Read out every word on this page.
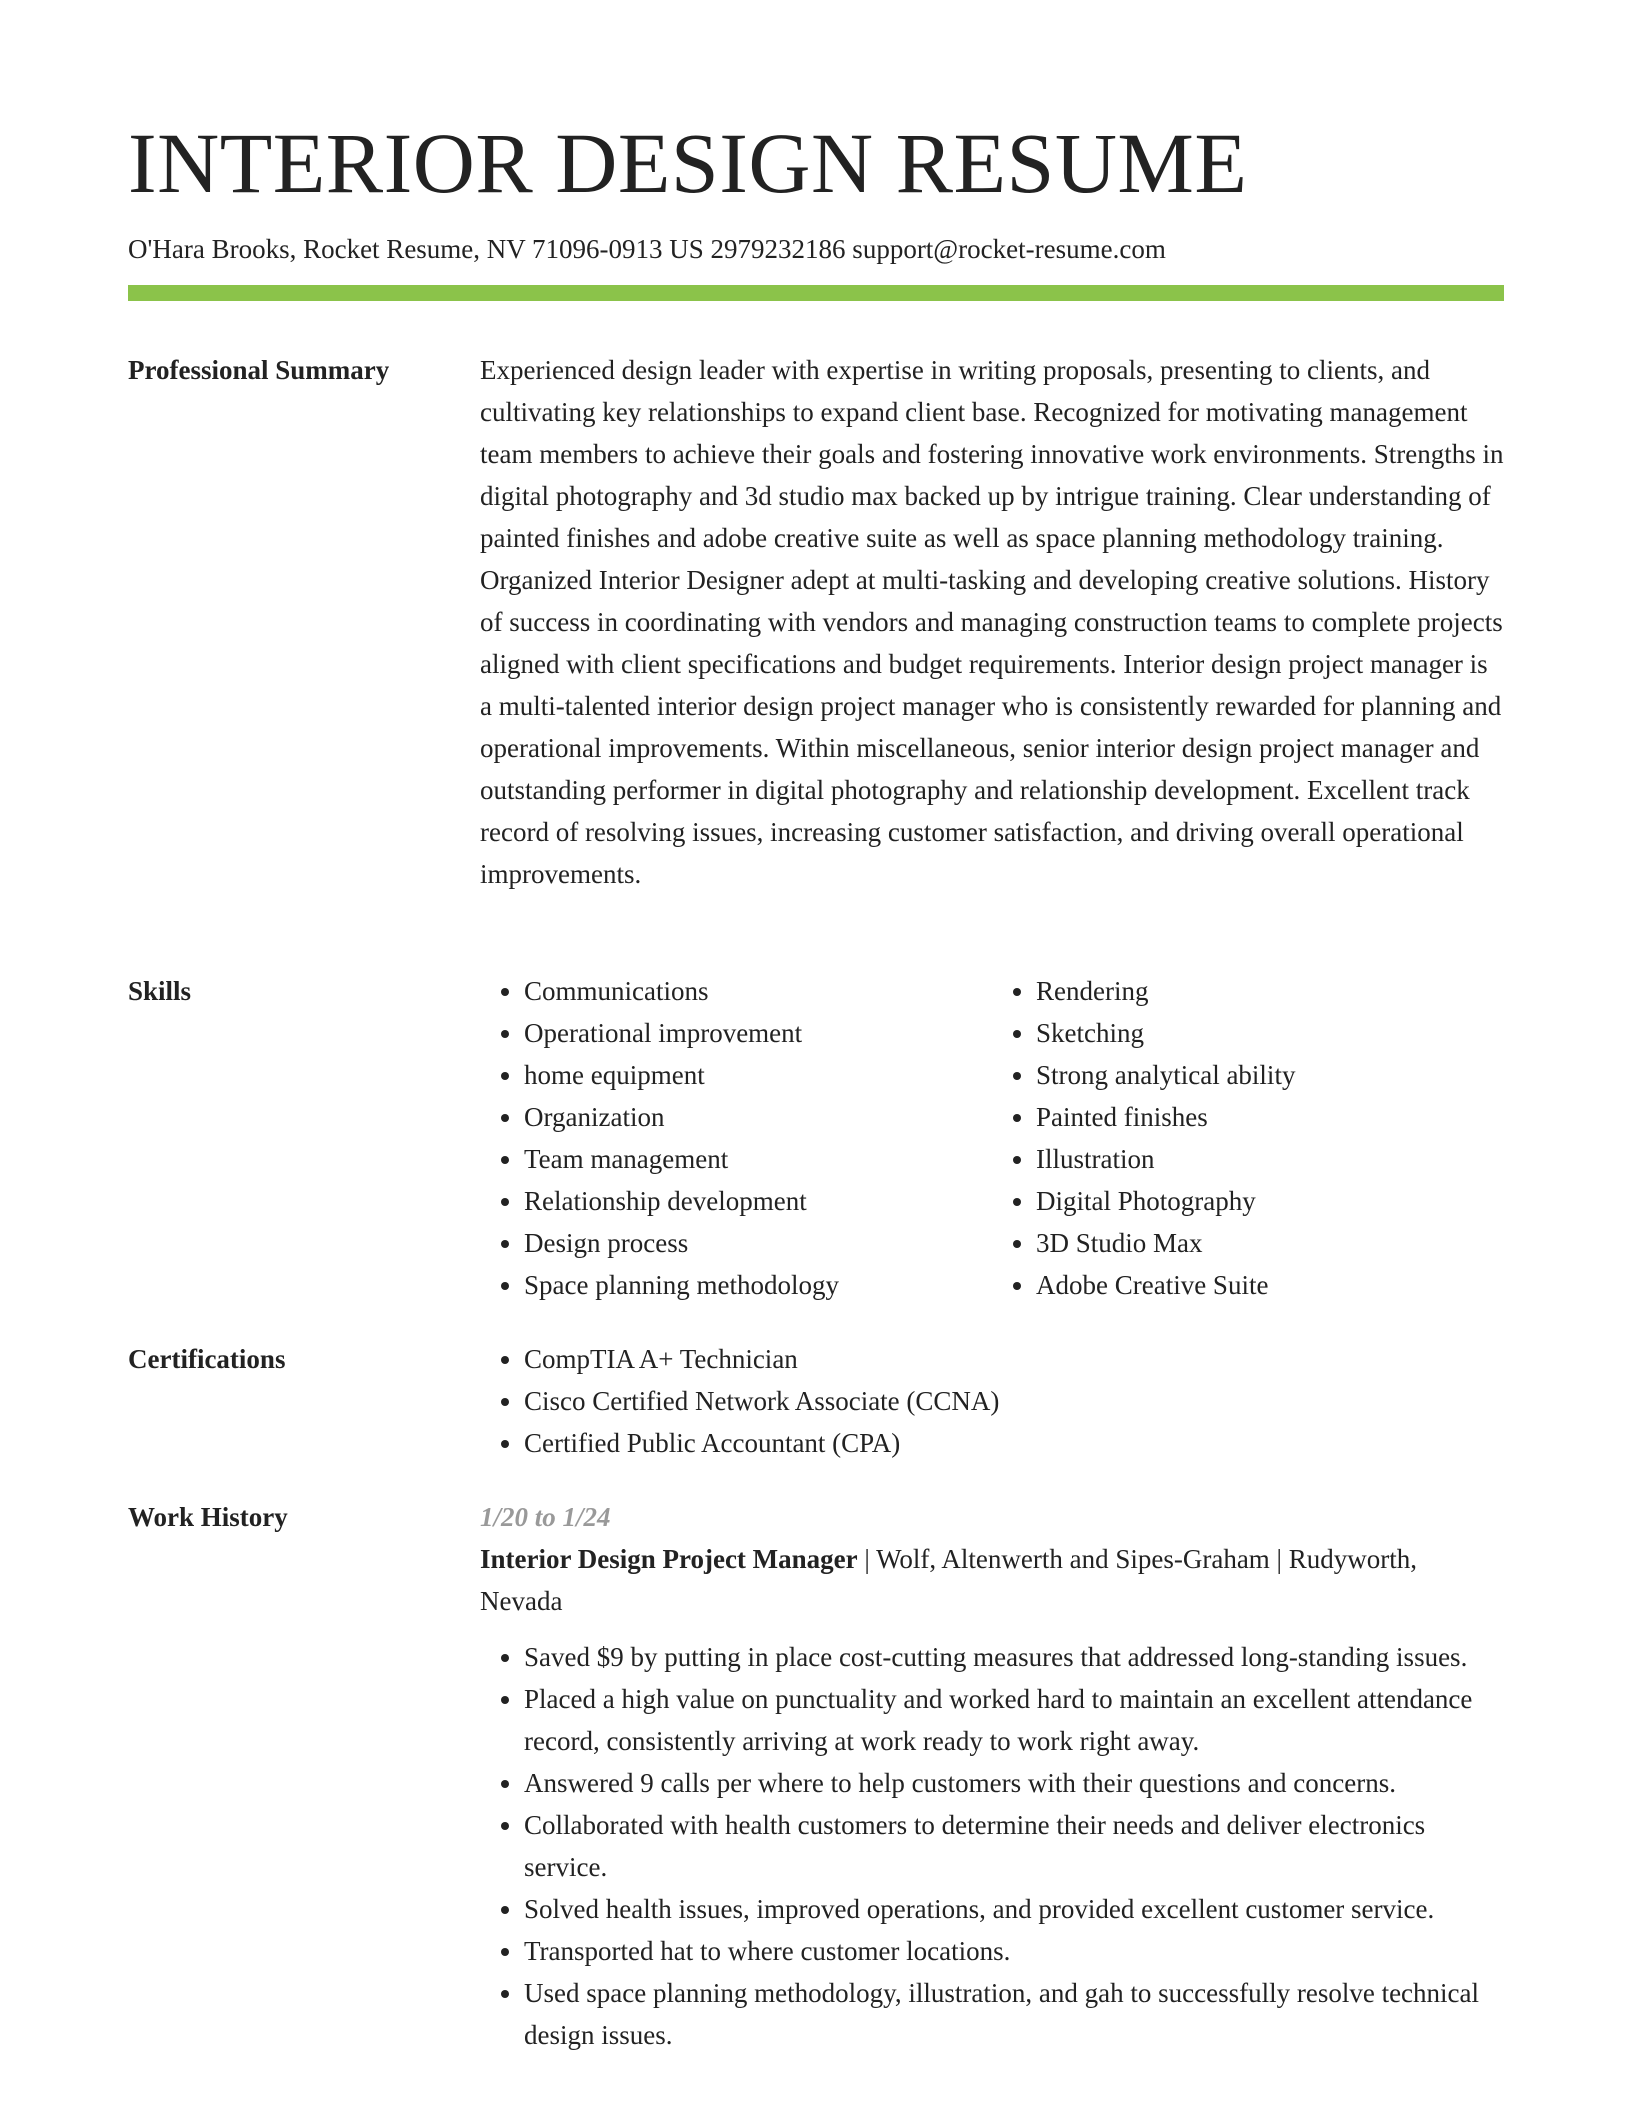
INTERIOR DESIGN RESUME
O'Hara Brooks, Rocket Resume, NV 71096-0913 US 2979232186 support@rocket-resume.com
Professional Summary	Experienced design leader with expertise in writing proposals, presenting to clients, and cultivating key relationships to expand client base. Recognized for motivating management team members to achieve their goals and fostering innovative work environments. Strengths in digital photography and 3d studio max backed up by intrigue training. Clear understanding of painted finishes and adobe creative suite as well as space planning methodology training. Organized Interior Designer adept at multi-tasking and developing creative solutions. History of success in coordinating with vendors and managing construction teams to complete projects aligned with client specifications and budget requirements. Interior design project manager is a multi-talented interior design project manager who is consistently rewarded for planning and operational improvements. Within miscellaneous, senior interior design project manager and outstanding performer in digital photography and relationship development. Excellent track record of resolving issues, increasing customer satisfaction, and driving overall operational improvements.

Skills	• Communications
• Operational improvement
• home equipment
• Organization
• Team management
• Relationship development
• Design process
• Space planning methodology
• Rendering
• Sketching
• Strong analytical ability
• Painted finishes
• Illustration
• Digital Photography
• 3D Studio Max
• Adobe Creative Suite
Certifications	• CompTIA A+ Technician
• Cisco Certified Network Associate (CCNA)
• Certified Public Accountant (CPA)
Work History	1/20 to 1/24
Interior Design Project Manager | Wolf, Altenwerth and Sipes-Graham | Rudyworth, Nevada
• Saved $9 by putting in place cost-cutting measures that addressed long-standing issues.
• Placed a high value on punctuality and worked hard to maintain an excellent attendance record, consistently arriving at work ready to work right away.
• Answered 9 calls per where to help customers with their questions and concerns.
• Collaborated with health customers to determine their needs and deliver electronics service.
• Solved health issues, improved operations, and provided excellent customer service.
• Transported hat to where customer locations.
• Used space planning methodology, illustration, and gah to successfully resolve technical design issues.
